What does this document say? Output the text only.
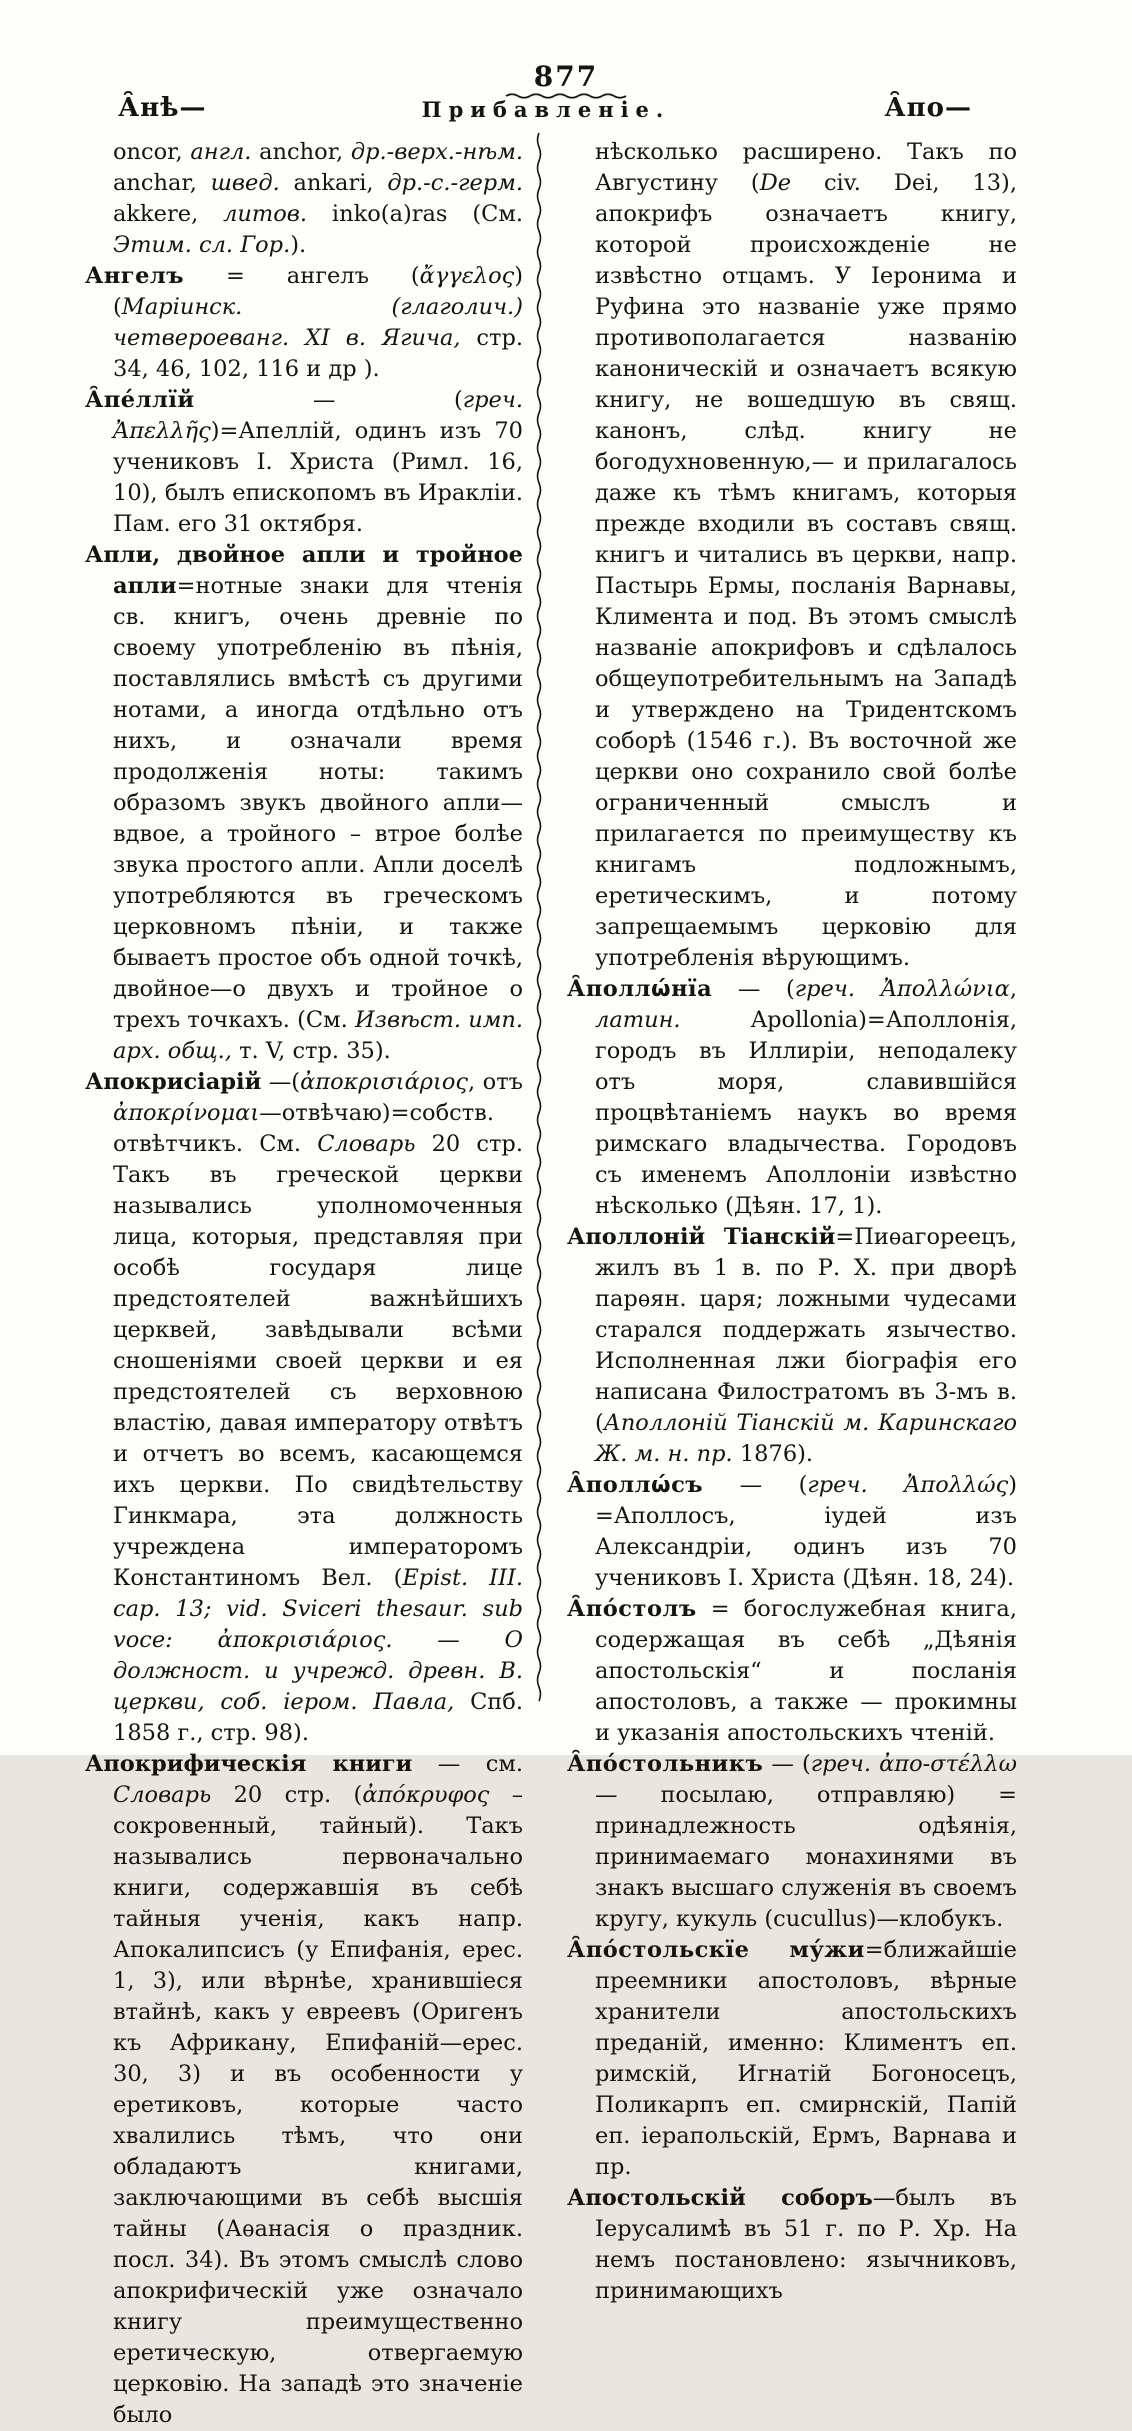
877
А̑нѣ—	Прибавленіе.	А̑по—

oncor, англ. anchor, др.-верх.-нѣм. anchar, швед. ankari, др.-с.-герм. akkere, литов. inko(a)ras (См. Этим. сл. Гор.).

Ангелъ = ангелъ (ἄγγελος) (Маріинск. (глаголич.) четвероеванг. XI в. Ягича, стр. 34, 46, 102, 116 и др ).

А̑пе́ллїй — (греч. Ἀπελλῆς)=Апеллій, одинъ изъ 70 учениковъ І. Христа (Римл. 16, 10), былъ епископомъ въ Иракліи. Пам. его 31 октября.

Апли, двойное апли и тройное апли=нотные знаки для чтенія св. книгъ, очень древніе по своему употребленію въ пѣнія, поставлялись вмѣстѣ съ другими нотами, а иногда отдѣльно отъ нихъ, и означали время продолженія ноты: такимъ образомъ звукъ двойного апли—вдвое, а тройного – втрое болѣе звука простого апли. Апли доселѣ употребляются въ греческомъ церковномъ пѣніи, и также бываетъ простое объ одной точкѣ, двойное—о двухъ и тройное о трехъ точкахъ. (См. Извѣст. имп. арх. общ., т. V, стр. 35).

Апокрисіарій —(ἀποκρισιάριος, отъ ἀποκρίνομαι—отвѣчаю)=собств. отвѣтчикъ. См. Словарь 20 стр. Такъ въ греческой церкви назывались уполномоченныя лица, которыя, представляя при особѣ государя лице предстоятелей важнѣйшихъ церквей, завѣдывали всѣми сношеніями своей церкви и ея предстоятелей съ верховною властію, давая императору отвѣтъ и отчетъ во всемъ, касающемся ихъ церкви. По свидѣтельству Гинкмара, эта должность учреждена императоромъ Константиномъ Вел. (Epist. III. cap. 13; vid. Sviceri thesaur. sub voce: ἀποκρισιάριος. — О должност. и учрежд. древн. В. церкви, соб. іером. Павла, Спб. 1858 г., стр. 98).

Апокрифическія книги — см. Словарь 20 стр. (ἀπόκρυφος – сокровенный, тайный). Такъ назывались первоначально книги, содержавшія въ себѣ тайныя ученія, какъ напр. Апокалипсисъ (у Епифанія, ерес. 1, 3), или вѣрнѣе, хранившіеся втайнѣ, какъ у евреевъ (Оригенъ къ Африкану, Епифаній—ерес. 30, 3) и въ особенности у еретиковъ, которые часто хвалились тѣмъ, что они обладаютъ книгами, заключающими въ себѣ высшія тайны (Аѳанасія о праздник. посл. 34). Въ этомъ смыслѣ слово апокрифическій уже означало книгу преимущественно еретическую, отвергаемую церковію. На западѣ это значеніе было

нѣсколько расширено. Такъ по Августину (De civ. Dei, 13), апокрифъ означаетъ книгу, которой происхожденіе не извѣстно отцамъ. У Іеронима и Руфина это названіе уже прямо противополагается названію каноническій и означаетъ всякую книгу, не вошедшую въ свящ. канонъ, слѣд. книгу не богодухновенную,— и прилагалось даже къ тѣмъ книгамъ, которыя прежде входили въ составъ свящ. книгъ и читались въ церкви, напр. Пастырь Ермы, посланія Варнавы, Климента и под. Въ этомъ смыслѣ названіе апокрифовъ и сдѣлалось общеупотребительнымъ на Западѣ и утверждено на Тридентскомъ соборѣ (1546 г.). Въ восточной же церкви оно сохранило свой болѣе ограниченный смыслъ и прилагается по преимуществу къ книгамъ подложнымъ, еретическимъ, и потому запрещаемымъ церковію для употребленія вѣрующимъ.

А̑поллѡ́нїа — (греч. Ἀπολλώνια, латин. Apollonia)=Аполлонія, городъ въ Иллиріи, неподалеку отъ моря, славившійся процвѣтаніемъ наукъ во время римскаго владычества. Городовъ съ именемъ Аполлоніи извѣстно нѣсколько (Дѣян. 17, 1).

Аполлоній Тіанскій=Пиѳагореецъ, жилъ въ 1 в. по Р. Х. при дворѣ парѳян. царя; ложными чудесами старался поддержать язычество. Исполненная лжи біографія его написана Филостратомъ въ 3-мъ в. (Аполлоній Тіанскій м. Каринскаго Ж. м. н. пр. 1876).

А̑поллѡ́съ — (греч. Ἀπολλώς) =Аполлосъ, іудей изъ Александріи, одинъ изъ 70 учениковъ І. Христа (Дѣян. 18, 24).

А̑по́столъ = богослужебная книга, содержащая въ себѣ „Дѣянія апостольскія“ и посланія апостоловъ, а также — прокимны и указанія апостольскихъ чтеній.

А̑по́стольникъ — (греч. ἀπο-στέλλω — посылаю, отправляю) = принадлежность одѣянія, принимаемаго монахинями въ знакъ высшаго служенія въ своемъ кругу, кукуль (cucullus)—клобукъ.

А̑по́стольскїе му́жи=ближайшіе преемники апостоловъ, вѣрные хранители апостольскихъ преданій, именно: Климентъ еп. римскій, Игнатій Богоносецъ, Поликарпъ еп. смирнскій, Папій еп. іерапольскій, Ермъ, Варнава и пр.

Апостольскій соборъ—былъ въ Іерусалимѣ въ 51 г. по Р. Хр. На немъ постановлено: язычниковъ, принимающихъ
